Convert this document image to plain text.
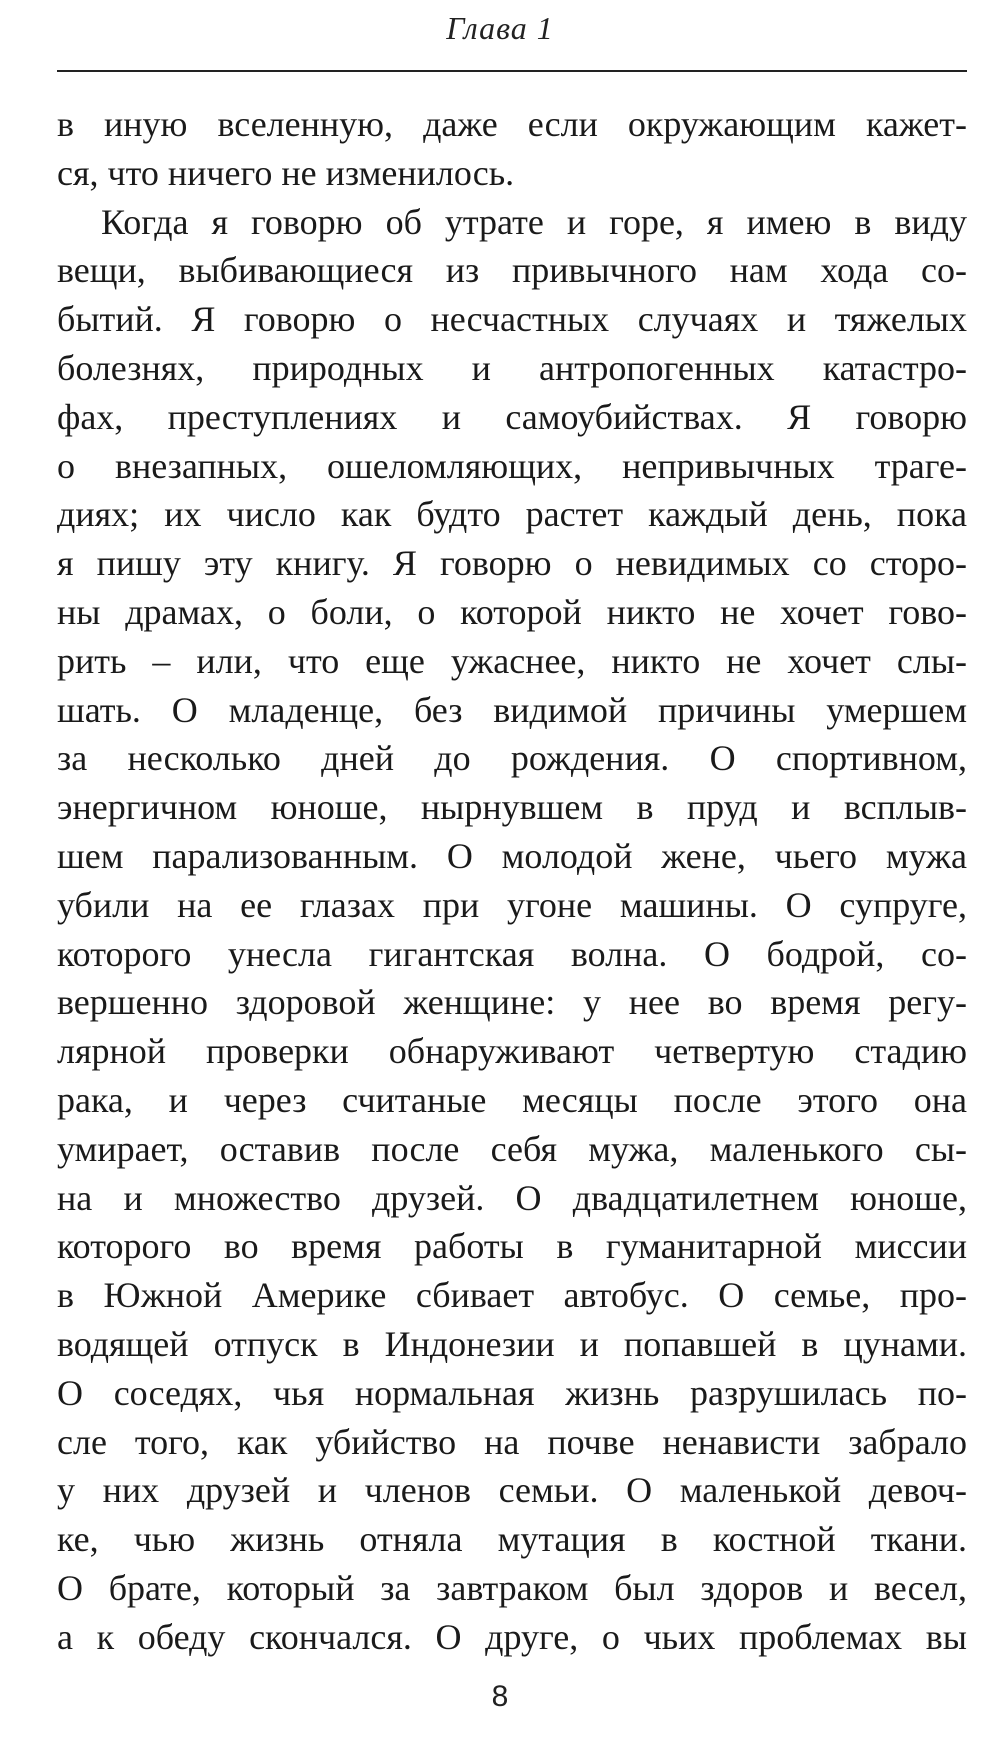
Глава 1
в иную вселенную, даже если окружающим кажет-
ся, что ничего не изменилось.
Когда я говорю об утрате и горе, я имею в виду
вещи, выбивающиеся из привычного нам хода со-
бытий. Я говорю о несчастных случаях и тяжелых
болезнях, природных и антропогенных катастро-
фах, преступлениях и самоубийствах. Я говорю
о внезапных, ошеломляющих, непривычных траге-
диях; их число как будто растет каждый день, пока
я пишу эту книгу. Я говорю о невидимых со сторо-
ны драмах, о боли, о которой никто не хочет гово-
рить – или, что еще ужаснее, никто не хочет слы-
шать. О младенце, без видимой причины умершем
за несколько дней до рождения. О спортивном,
энергичном юноше, нырнувшем в пруд и всплыв-
шем парализованным. О молодой жене, чьего мужа
убили на ее глазах при угоне машины. О супруге,
которого унесла гигантская волна. О бодрой, со-
вершенно здоровой женщине: у нее во время регу-
лярной проверки обнаруживают четвертую стадию
рака, и через считаные месяцы после этого она
умирает, оставив после себя мужа, маленького сы-
на и множество друзей. О двадцатилетнем юноше,
которого во время работы в гуманитарной миссии
в Южной Америке сбивает автобус. О семье, про-
водящей отпуск в Индонезии и попавшей в цунами.
О соседях, чья нормальная жизнь разрушилась по-
сле того, как убийство на почве ненависти забрало
у них друзей и членов семьи. О маленькой девоч-
ке, чью жизнь отняла мутация в костной ткани.
О брате, который за завтраком был здоров и весел,
а к обеду скончался. О друге, о чьих проблемах вы
8
